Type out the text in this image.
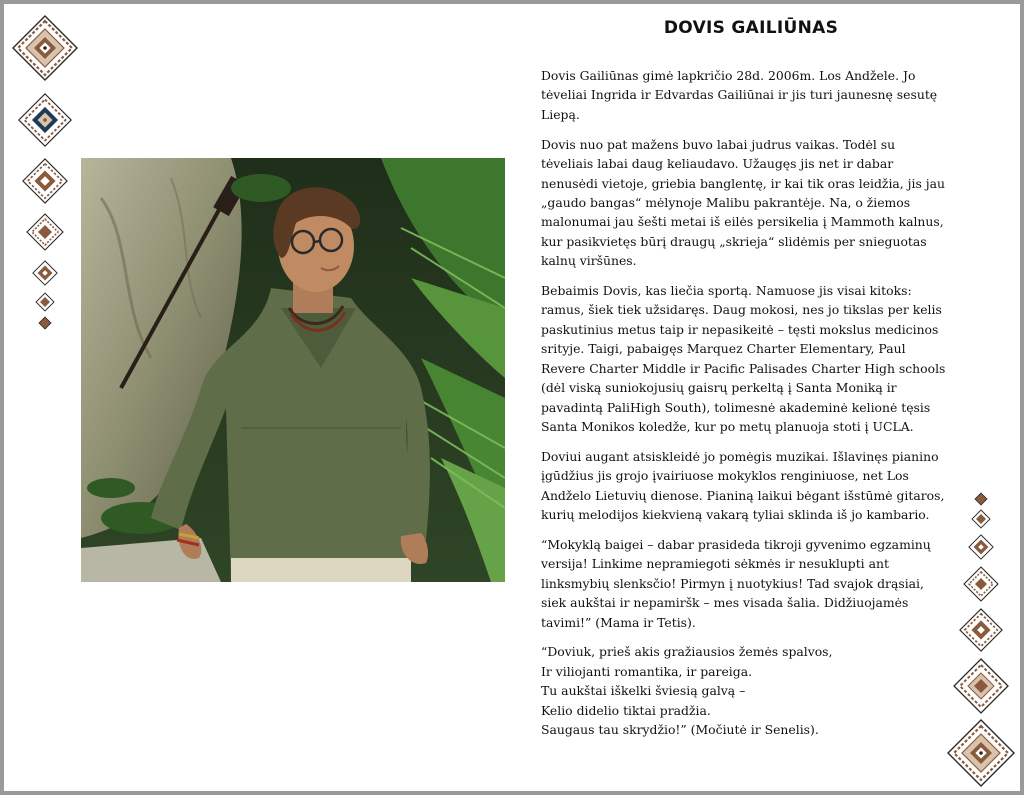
DOVIS GAILIŪNAS

Dovis Gailiūnas gimė lapkričio 28d. 2006m. Los Andžele. Jo tėveliai Ingrida ir Edvardas Gailiūnai ir jis turi jaunesnę sesutę Liepą.

Dovis nuo pat mažens buvo labai judrus vaikas. Todėl su tėveliais labai daug keliaudavo. Užaugęs jis net ir dabar nenusėdi vietoje, griebia banglentę, ir kai tik oras leidžia, jis jau „gaudo bangas“ mėlynoje Malibu pakrantėje. Na, o žiemos malonumai jau šešti metai iš eilės persikelia į Mammoth kalnus, kur pasikvietęs būrį draugų „skrieja“ slidėmis per snieguotas kalnų viršūnes.

Bebaimis Dovis, kas liečia sportą. Namuose jis visai kitoks: ramus, šiek tiek užsidaręs. Daug mokosi, nes jo tikslas per kelis paskutinius metus taip ir nepasikeitė – tęsti mokslus medicinos srityje. Taigi, pabaigęs Marquez Charter Elementary, Paul Revere Charter Middle ir Pacific Palisades Charter High schools (dėl viską suniokojusių gaisrų perkeltą į Santa Moniką ir pavadintą PaliHigh South), tolimesnė akademinė kelionė tęsis Santa Monikos koledže, kur po metų planuoja stoti į UCLA.

Doviui augant atsiskleidė jo pomėgis muzikai. Išlavinęs pianino įgūdžius jis grojo įvairiuose mokyklos renginiuose, net Los Andželo Lietuvių dienose. Pianiną laikui bėgant išstūmė gitaros, kurių melodijos kiekvieną vakarą tyliai sklinda iš jo kambario.

“Mokyklą baigei – dabar prasideda tikroji gyvenimo egzaminų versija! Linkime nepramiegoti sėkmės ir nesuklupti ant linksmybių slenksčio! Pirmyn į nuotykius! Tad svajok drąsiai, siek aukštai ir nepamiršk – mes visada šalia. Didžiuojamės tavimi!” (Mama ir Tetis).

“Doviuk, prieš akis gražiausios žemės spalvos,
Ir viliojanti romantika, ir pareiga.
Tu aukštai iškelki šviesią galvą –
Kelio didelio tiktai pradžia.
Saugaus tau skrydžio!” (Močiutė ir Senelis).
